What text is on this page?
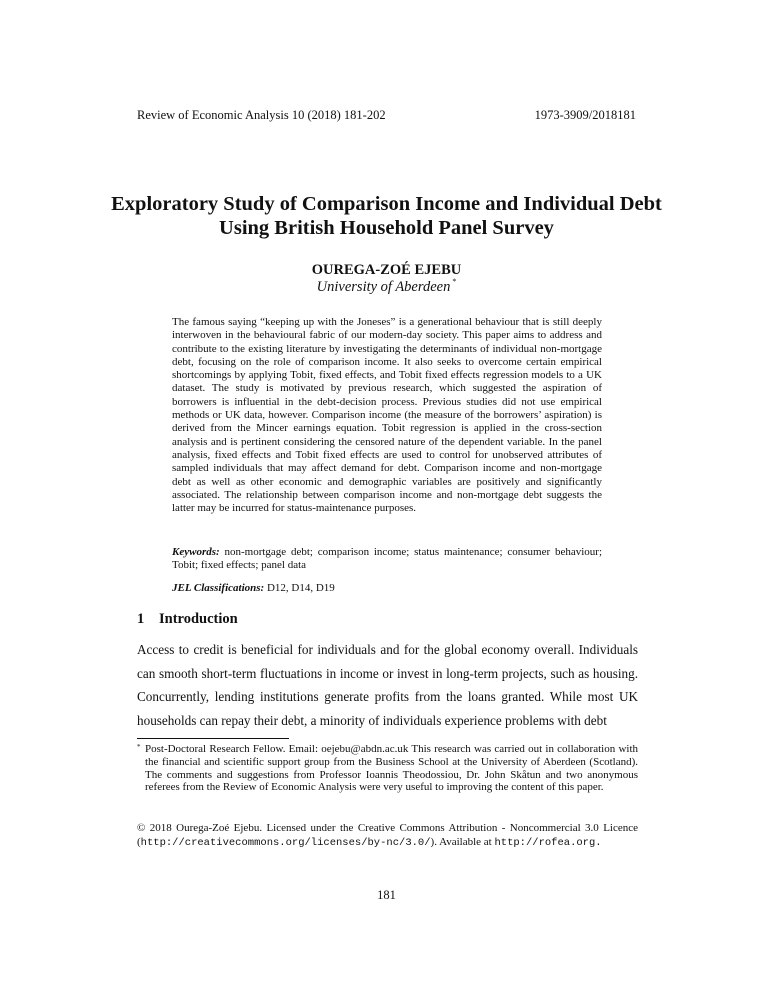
Review of Economic Analysis 10 (2018) 181-202	1973-3909/2018181
Exploratory Study of Comparison Income and Individual Debt Using British Household Panel Survey
OUREGA-ZOÉ EJEBU
University of Aberdeen *
The famous saying “keeping up with the Joneses” is a generational behaviour that is still deeply interwoven in the behavioural fabric of our modern-day society. This paper aims to address and contribute to the existing literature by investigating the determinants of individual non-mortgage debt, focusing on the role of comparison income. It also seeks to overcome certain empirical shortcomings by applying Tobit, fixed effects, and Tobit fixed effects regression models to a UK dataset. The study is motivated by previous research, which suggested the aspiration of borrowers is influential in the debt-decision process. Previous studies did not use empirical methods or UK data, however. Comparison income (the measure of the borrowers’ aspiration) is derived from the Mincer earnings equation. Tobit regression is applied in the cross-section analysis and is pertinent considering the censored nature of the dependent variable. In the panel analysis, fixed effects and Tobit fixed effects are used to control for unobserved attributes of sampled individuals that may affect demand for debt. Comparison income and non-mortgage debt as well as other economic and demographic variables are positively and significantly associated. The relationship between comparison income and non-mortgage debt suggests the latter may be incurred for status-maintenance purposes.
Keywords: non-mortgage debt; comparison income; status maintenance; consumer behaviour; Tobit; fixed effects; panel data
JEL Classifications: D12, D14, D19
1 Introduction
Access to credit is beneficial for individuals and for the global economy overall. Individuals can smooth short-term fluctuations in income or invest in long-term projects, such as housing. Concurrently, lending institutions generate profits from the loans granted. While most UK households can repay their debt, a minority of individuals experience problems with debt
* Post-Doctoral Research Fellow. Email: oejebu@abdn.ac.uk This research was carried out in collaboration with the financial and scientific support group from the Business School at the University of Aberdeen (Scotland). The comments and suggestions from Professor Ioannis Theodossiou, Dr. John Skåtun and two anonymous referees from the Review of Economic Analysis were very useful to improving the content of this paper.
© 2018 Ourega-Zoé Ejebu. Licensed under the Creative Commons Attribution - Noncommercial 3.0 Licence (http://creativecommons.org/licenses/by-nc/3.0/). Available at http://rofea.org.
181
